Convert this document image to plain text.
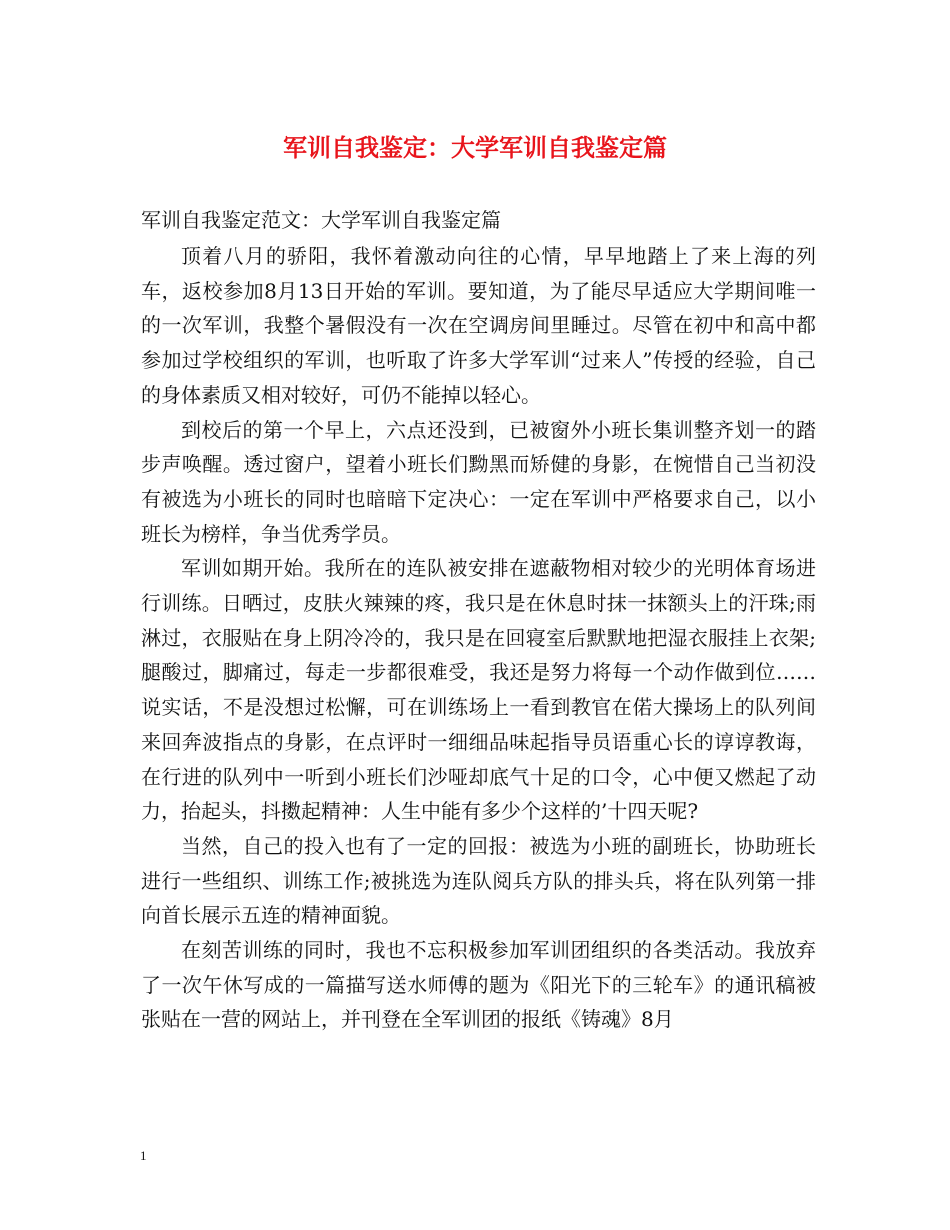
军训自我鉴定：大学军训自我鉴定篇
军训自我鉴定范文：大学军训自我鉴定篇

顶着八月的骄阳，我怀着激动向往的心情，早早地踏上了来上海的列车，返校参加8月13日开始的军训。要知道，为了能尽早适应大学期间唯一的一次军训，我整个暑假没有一次在空调房间里睡过。尽管在初中和高中都参加过学校组织的军训，也听取了许多大学军训“过来人”传授的经验，自己的身体素质又相对较好，可仍不能掉以轻心。

到校后的第一个早上，六点还没到，已被窗外小班长集训整齐划一的踏步声唤醒。透过窗户，望着小班长们黝黑而矫健的身影，在惋惜自己当初没有被选为小班长的同时也暗暗下定决心：一定在军训中严格要求自己，以小班长为榜样，争当优秀学员。

军训如期开始。我所在的连队被安排在遮蔽物相对较少的光明体育场进行训练。日晒过，皮肤火辣辣的疼，我只是在休息时抹一抹额头上的汗珠;雨淋过，衣服贴在身上阴冷冷的，我只是在回寝室后默默地把湿衣服挂上衣架;腿酸过，脚痛过，每走一步都很难受，我还是努力将每一个动作做到位……说实话，不是没想过松懈，可在训练场上一看到教官在偌大操场上的队列间来回奔波指点的身影，在点评时一细细品味起指导员语重心长的谆谆教诲，在行进的队列中一听到小班长们沙哑却底气十足的口令，心中便又燃起了动力，抬起头，抖擞起精神：人生中能有多少个这样的’十四天呢?

当然，自己的投入也有了一定的回报：被选为小班的副班长，协助班长进行一些组织、训练工作;被挑选为连队阅兵方队的排头兵，将在队列第一排向首长展示五连的精神面貌。

在刻苦训练的同时，我也不忘积极参加军训团组织的各类活动。我放弃了一次午休写成的一篇描写送水师傅的题为《阳光下的三轮车》的通讯稿被张贴在一营的网站上，并刊登在全军训团的报纸《铸魂》8月

1
